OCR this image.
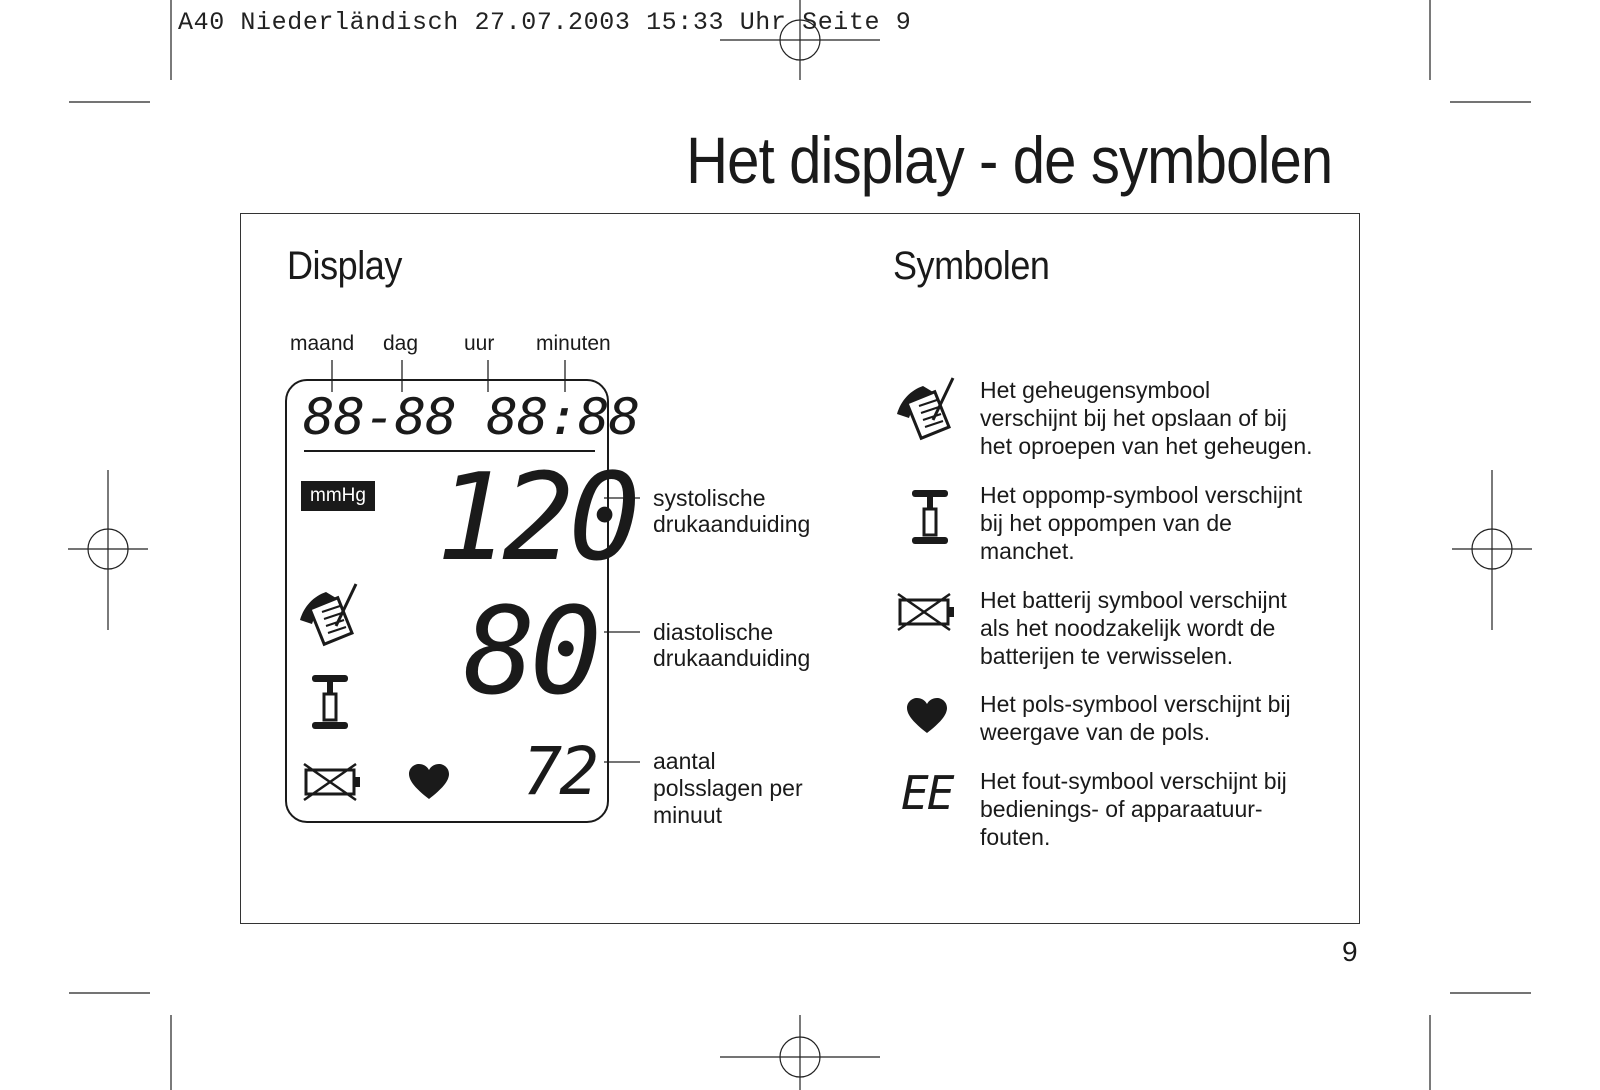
A40 Niederländisch 27.07.2003 15:33 Uhr Seite 9
Het display - de symbolen
Display
maand dag uur minuten
88-88 88:88
mmHg 120
80
72
systolische
drukaanduiding
diastolische
drukaanduiding
aantal
polsslagen per
minuut
Symbolen
EE
Het geheugensymbool
verschijnt bij het opslaan of bij
het oproepen van het geheugen.
Het oppomp-symbool verschijnt
bij het oppompen van de
manchet.
Het batterij symbool verschijnt
als het noodzakelijk wordt de
batterijen te verwisselen.
Het pols-symbool verschijnt bij
weergave van de pols.
Het fout-symbool verschijnt bij
bedienings- of apparaatuur-
fouten.
9
